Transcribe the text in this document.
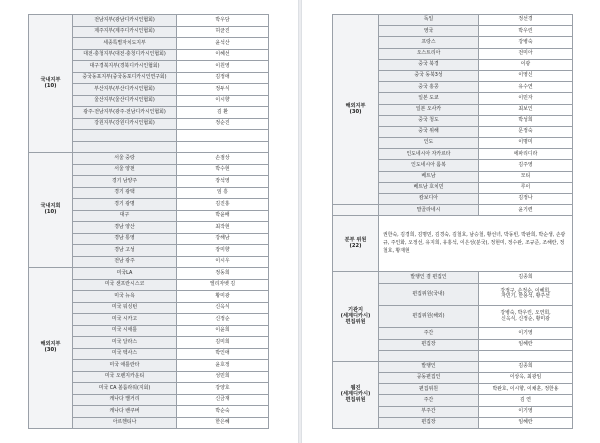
국내지부
(10)	전남지부(광남디카시인협회)	박우담
	제주지부(제주디카시인협회)	허균진
	세종특별자치도지부	윤석산
	대전·충청지부(대전·충청디카시인협회)	이혜선
	대구경북지부(경북디카시인협회)	이원영
	중국동포지부(중국동포디카시인연구회)	김정애
	부산지부(부산디카시인협회)	정두식
	울산지부(울산디카시인협회)	이시향
	광주·전남지부(광주·전남디카시인협회)	김 환
	강원지부(강원디카시인협회)	정순진

국내지회
(10)	서울 중랑	손점상
	서울 양천	박수현
	경기 남양주	장석영
	경기 광택	임 흥
	경기 광명	김진홍
	대구	박윤배
	경남 양산	최작현
	경남 통영	강해남
	경남 고성	장미향
	전남 광주	이시우
해외지부
(30)	미국LA	정동희
	미국 샌프란시스코	엘리자벳 김
	미국 뉴욕	황미광
	미국 워싱턴	신옥식
	미국 시카고	신정순
	미국 시애틀	이윤희
	미국 달라스	김미희
	미국 텍사스	박인애
	미국 애틀란타	윤호정
	미국 오렌지카운티	성민희
	미국 CA 볼룸라워(지회)	강양호
	캐나다 밸거리	신금재
	캐나다 밴쿠버	박순숙
	아르헨티나	한은혜
해외지부
(30)	독일	정선경
	영국	박우린
	프랑스	강병숙
	오스트리아	전미아
	중국 북경	이광
	중국 동북3성	이영신
	중국 홍콩	유수연
	일본 도쿄	이민자
	일본 오사카	최보인
	중국 청도	박성희
	중국 위해	문정숙
	인도	이명미
	인도네시아 자카르타	에파리디라
	인도네시아 롬복	김주영
	베트남	모티
	베트남 호치민	루이
	캄보디아	김정나
	말골라네시	윤기련
분부 위원
(22)	권한숙, 김경희, 김명민, 김경숙, 김철호, 남승철, 황선녀, 박동빈, 박완희, 박순생, 손광규, 주인화, 오정선, 유지희, 유홍석, 이은성(분국), 정현미, 정수완, 조규준, 조해란, 정철호, 황재현	
기관지
(세계디카시)
편집위원	발행인 겸 편집인	김종희
	편집위원(국내)	강정구, 손정순, 이혜희,
자민기, 한용석, 황주선
	편집위원(해외)	강병숙, 박우린, 오연희,
신옥식, 신정순, 황미광
	주간	이기영
	편집장	임혜란

웹진
(세계디카시)
편집위원	발행인	김종희
	공동편집인	이상옥, 최광임
	편집위원	박완호, 이시향, 이채훈, 정한용
	주간	김 연
	부주간	이기영
	편집장	임혜란
